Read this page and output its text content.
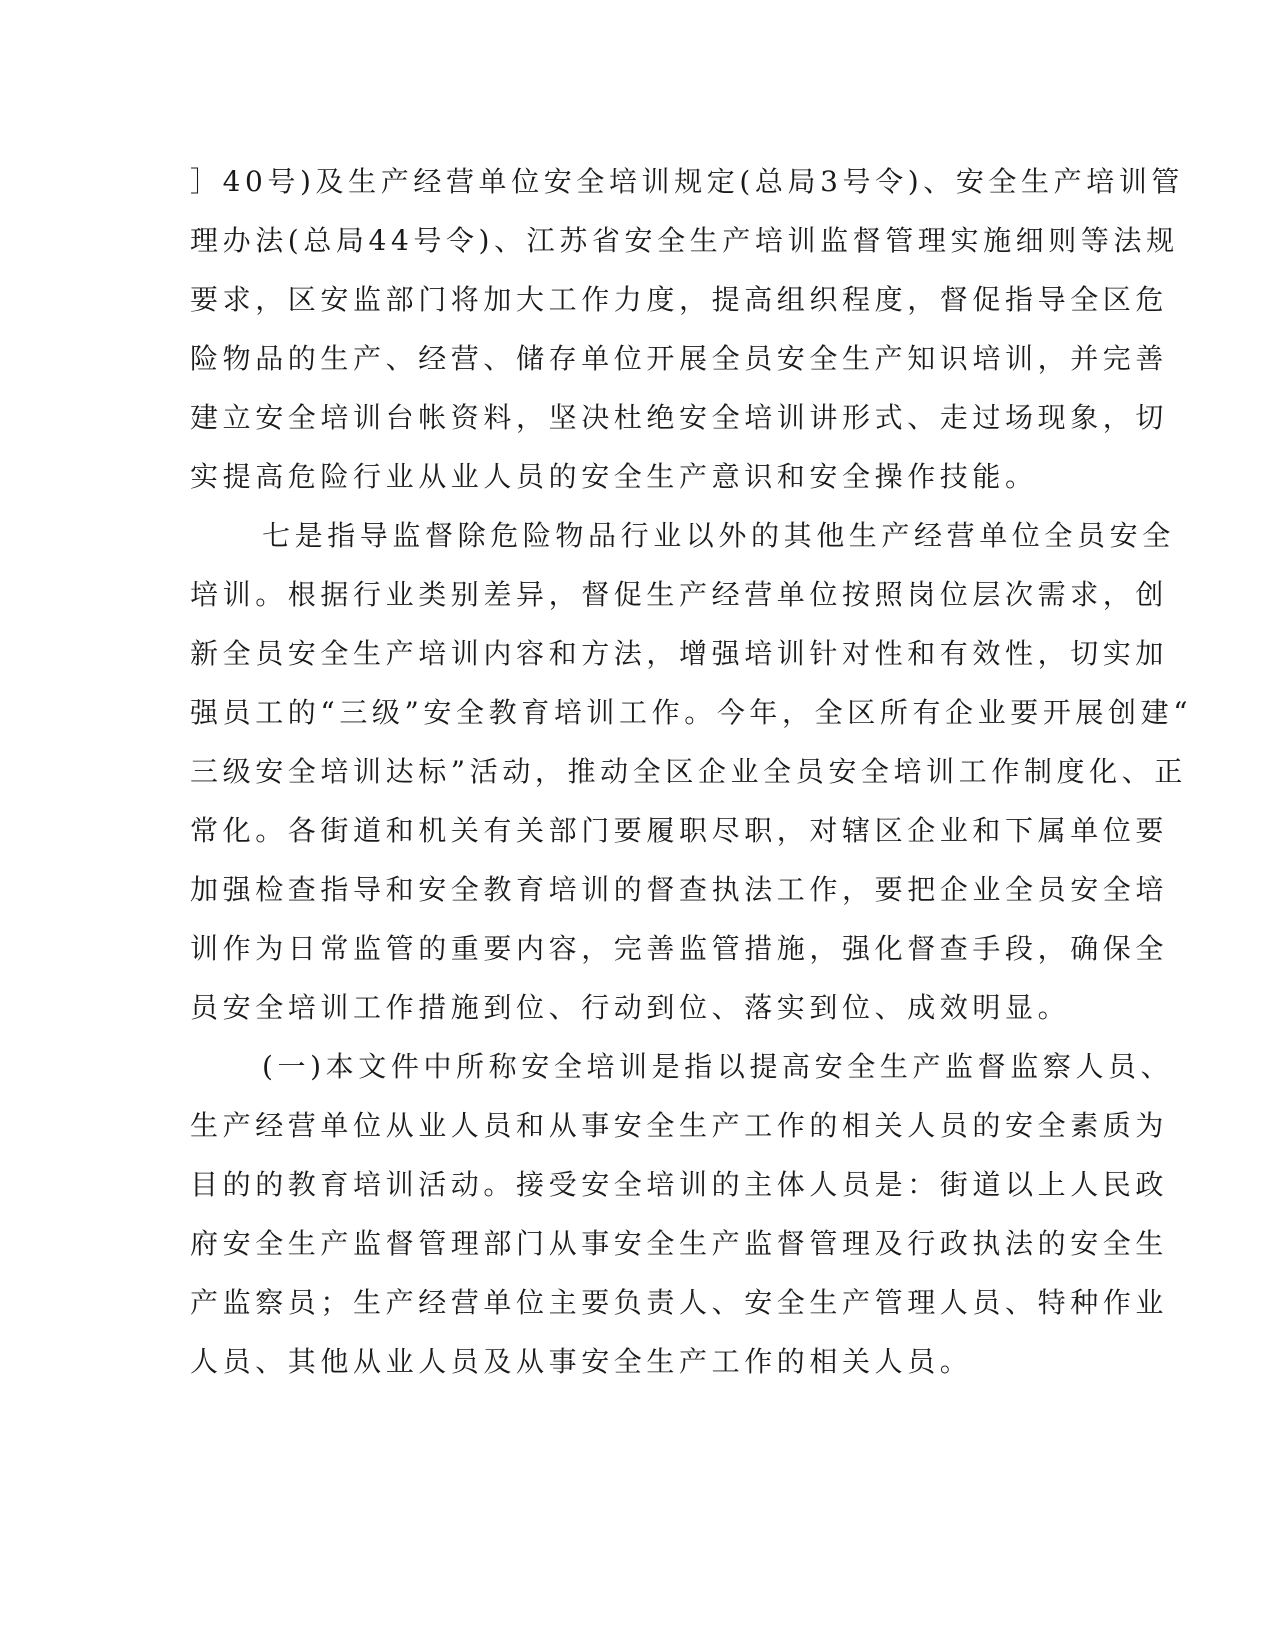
］40号)及生产经营单位安全培训规定(总局3号令)、安全生产培训管
理办法(总局44号令)、江苏省安全生产培训监督管理实施细则等法规
要求，区安监部门将加大工作力度，提高组织程度，督促指导全区危
险物品的生产、经营、储存单位开展全员安全生产知识培训，并完善
建立安全培训台帐资料，坚决杜绝安全培训讲形式、走过场现象，切
实提高危险行业从业人员的安全生产意识和安全操作技能。
七是指导监督除危险物品行业以外的其他生产经营单位全员安全
培训。根据行业类别差异，督促生产经营单位按照岗位层次需求，创
新全员安全生产培训内容和方法，增强培训针对性和有效性，切实加
强员工的“三级”安全教育培训工作。今年，全区所有企业要开展创建“
三级安全培训达标”活动，推动全区企业全员安全培训工作制度化、正
常化。各街道和机关有关部门要履职尽职，对辖区企业和下属单位要
加强检查指导和安全教育培训的督查执法工作，要把企业全员安全培
训作为日常监管的重要内容，完善监管措施，强化督查手段，确保全
员安全培训工作措施到位、行动到位、落实到位、成效明显。
(一)本文件中所称安全培训是指以提高安全生产监督监察人员、
生产经营单位从业人员和从事安全生产工作的相关人员的安全素质为
目的的教育培训活动。接受安全培训的主体人员是：街道以上人民政
府安全生产监督管理部门从事安全生产监督管理及行政执法的安全生
产监察员；生产经营单位主要负责人、安全生产管理人员、特种作业
人员、其他从业人员及从事安全生产工作的相关人员。
